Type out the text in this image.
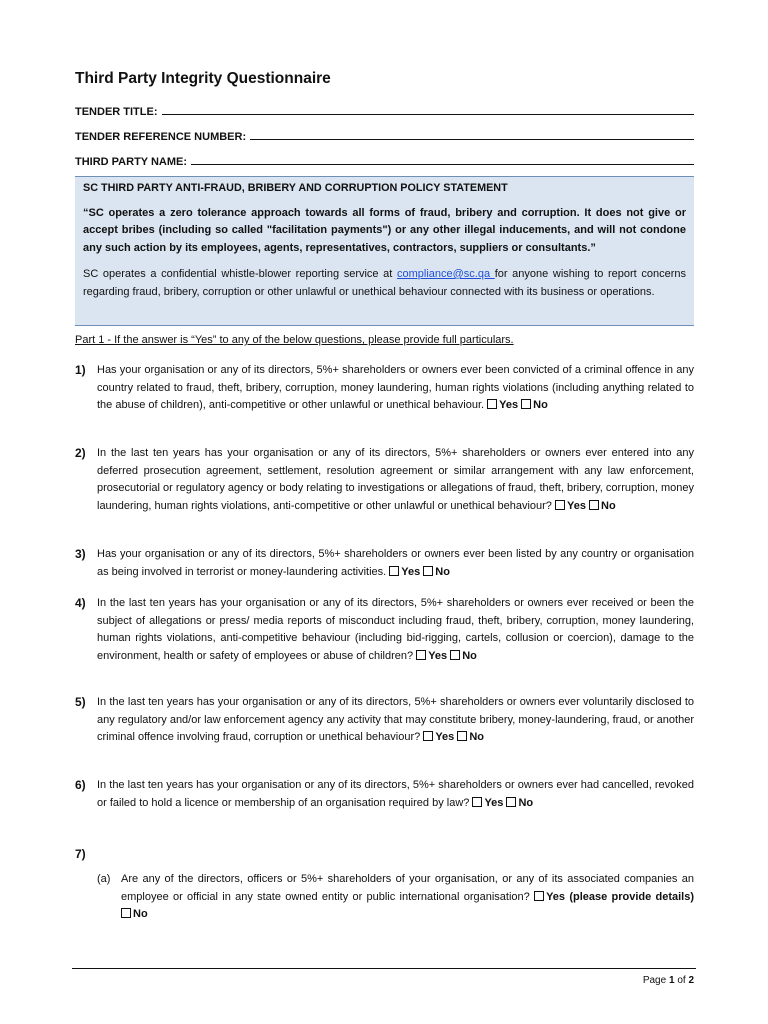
Third Party Integrity Questionnaire
TENDER TITLE:
TENDER REFERENCE NUMBER:
THIRD PARTY NAME:
SC THIRD PARTY ANTI-FRAUD, BRIBERY AND CORRUPTION POLICY STATEMENT
“SC operates a zero tolerance approach towards all forms of fraud, bribery and corruption. It does not give or accept bribes (including so called "facilitation payments") or any other illegal inducements, and will not condone any such action by its employees, agents, representatives, contractors, suppliers or consultants.”
SC operates a confidential whistle-blower reporting service at compliance@sc.qa for anyone wishing to report concerns regarding fraud, bribery, corruption or other unlawful or unethical behaviour connected with its business or operations.
Part 1 - If the answer is “Yes” to any of the below questions, please provide full particulars.
1) Has your organisation or any of its directors, 5%+ shareholders or owners ever been convicted of a criminal offence in any country related to fraud, theft, bribery, corruption, money laundering, human rights violations (including anything related to the abuse of children), anti-competitive or other unlawful or unethical behaviour. Yes No
2) In the last ten years has your organisation or any of its directors, 5%+ shareholders or owners ever entered into any deferred prosecution agreement, settlement, resolution agreement or similar arrangement with any law enforcement, prosecutorial or regulatory agency or body relating to investigations or allegations of fraud, theft, bribery, corruption, money laundering, human rights violations, anti-competitive or other unlawful or unethical behaviour? Yes No
3) Has your organisation or any of its directors, 5%+ shareholders or owners ever been listed by any country or organisation as being involved in terrorist or money-laundering activities. Yes No
4) In the last ten years has your organisation or any of its directors, 5%+ shareholders or owners ever received or been the subject of allegations or press/ media reports of misconduct including fraud, theft, bribery, corruption, money laundering, human rights violations, anti-competitive behaviour (including bid-rigging, cartels, collusion or coercion), damage to the environment, health or safety of employees or abuse of children? Yes No
5) In the last ten years has your organisation or any of its directors, 5%+ shareholders or owners ever voluntarily disclosed to any regulatory and/or law enforcement agency any activity that may constitute bribery, money-laundering, fraud, or another criminal offence involving fraud, corruption or unethical behaviour? Yes No
6) In the last ten years has your organisation or any of its directors, 5%+ shareholders or owners ever had cancelled, revoked or failed to hold a licence or membership of an organisation required by law? Yes No
7)
(a) Are any of the directors, officers or 5%+ shareholders of your organisation, or any of its associated companies an employee or official in any state owned entity or public international organisation? Yes (please provide details) No
Page 1 of 2
